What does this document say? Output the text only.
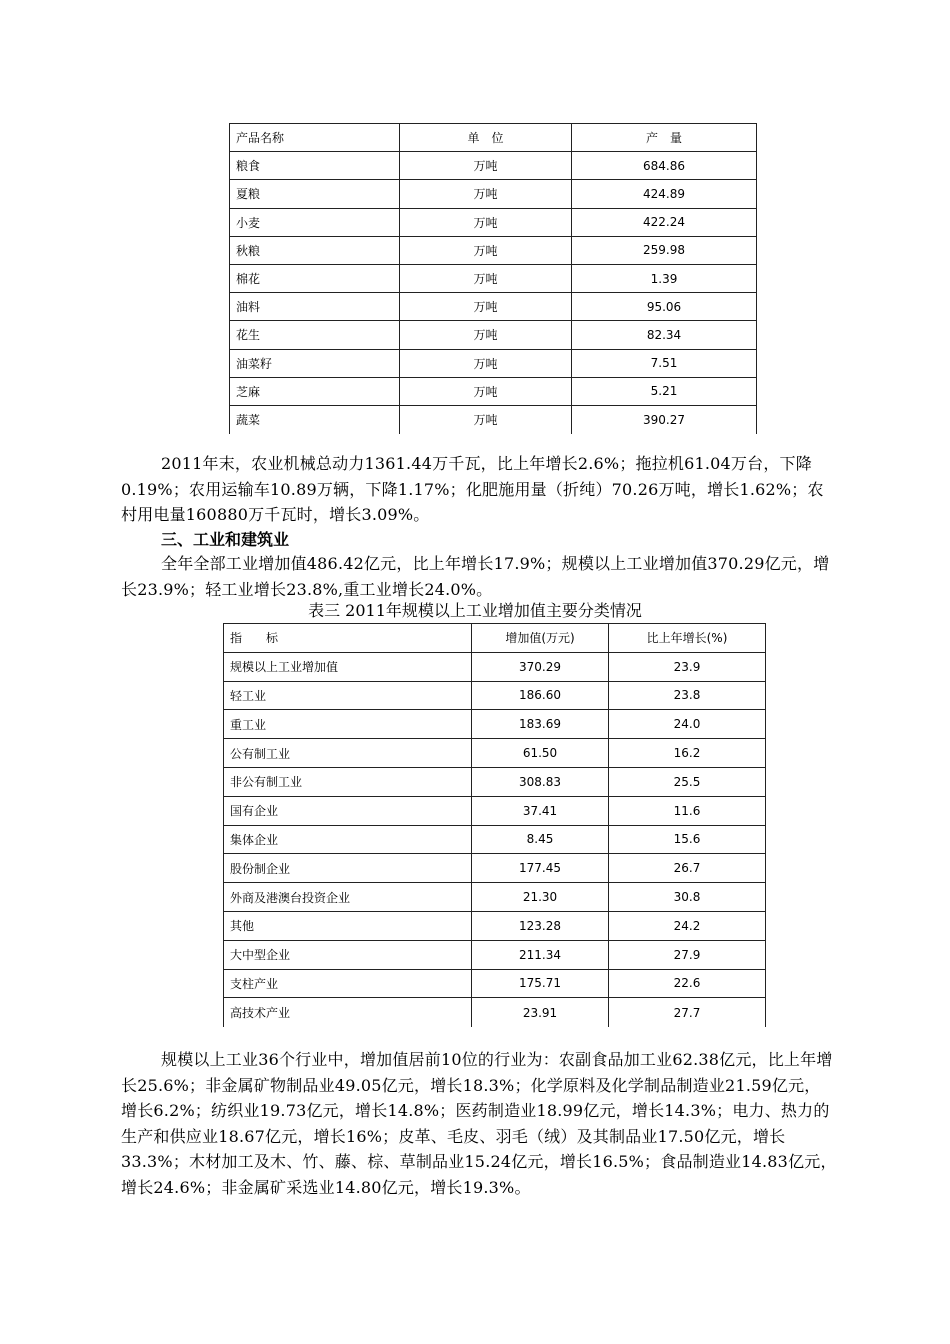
产品名称	单　位	产　量
粮食	万吨	684.86
夏粮	万吨	424.89
小麦	万吨	422.24
秋粮	万吨	259.98
棉花	万吨	1.39
油料	万吨	95.06
花生	万吨	82.34
油菜籽	万吨	7.51
芝麻	万吨	5.21
蔬菜	万吨	390.27

2011年末，农业机械总动力1361.44万千瓦，比上年增长2.6%；拖拉机61.04万台，下降0.19%；农用运输车10.89万辆，下降1.17%；化肥施用量（折纯）70.26万吨，增长1.62%；农村用电量160880万千瓦时，增长3.09%。

三、工业和建筑业

全年全部工业增加值486.42亿元，比上年增长17.9%；规模以上工业增加值370.29亿元，增长23.9%；轻工业增长23.8%,重工业增长24.0%。

表三 2011年规模以上工业增加值主要分类情况
指　　标	增加值(万元)	比上年增长(%)
规模以上工业增加值	370.29	23.9
轻工业	186.60	23.8
重工业	183.69	24.0
公有制工业	61.50	16.2
非公有制工业	308.83	25.5
国有企业	37.41	11.6
集体企业	8.45	15.6
股份制企业	177.45	26.7
外商及港澳台投资企业	21.30	30.8
其他	123.28	24.2
大中型企业	211.34	27.9
支柱产业	175.71	22.6
高技术产业	23.91	27.7

规模以上工业36个行业中，增加值居前10位的行业为：农副食品加工业62.38亿元，比上年增长25.6%；非金属矿物制品业49.05亿元，增长18.3%；化学原料及化学制品制造业21.59亿元，增长6.2%；纺织业19.73亿元，增长14.8%；医药制造业18.99亿元，增长14.3%；电力、热力的生产和供应业18.67亿元，增长16%；皮革、毛皮、羽毛（绒）及其制品业17.50亿元，增长33.3%；木材加工及木、竹、藤、棕、草制品业15.24亿元，增长16.5%；食品制造业14.83亿元，　　增长24.6%；非金属矿采选业14.80亿元，增长19.3%。
